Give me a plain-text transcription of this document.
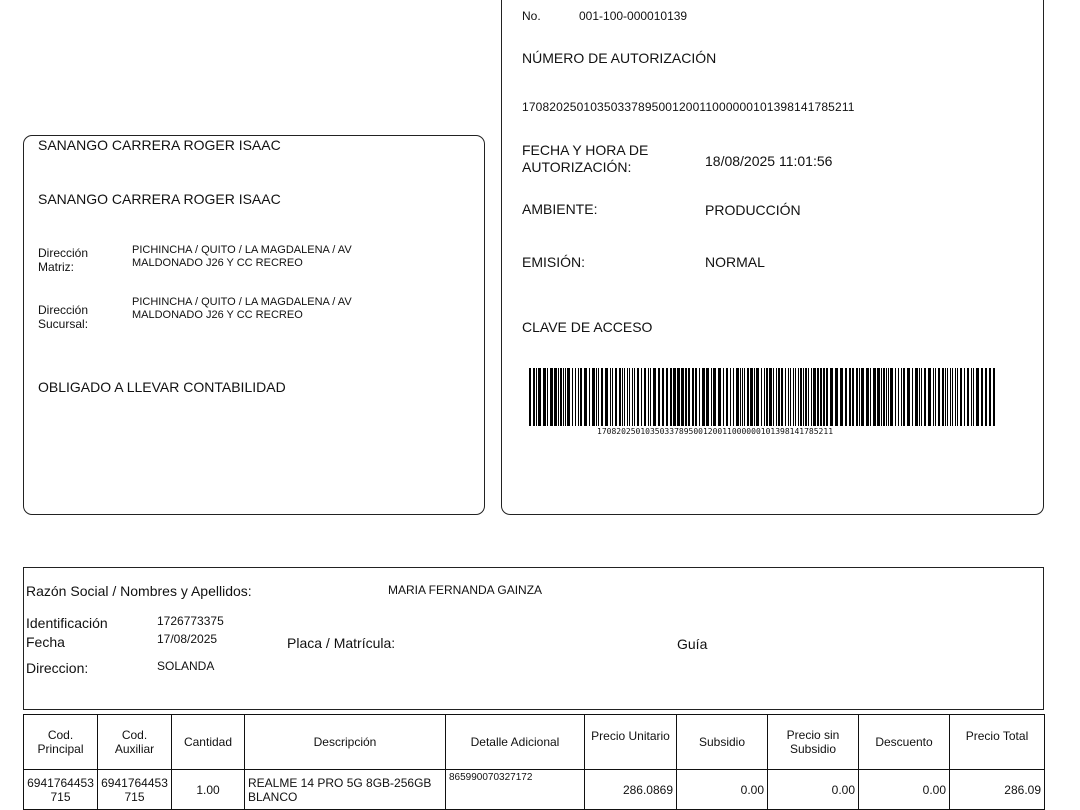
SANANGO CARRERA ROGER ISAAC
SANANGO CARRERA ROGER ISAAC
Dirección Matriz:
PICHINCHA / QUITO / LA MAGDALENA / AV MALDONADO J26 Y CC RECREO
Dirección Sucursal:
PICHINCHA / QUITO / LA MAGDALENA / AV MALDONADO J26 Y CC RECREO
OBLIGADO A LLEVAR CONTABILIDAD
No.	001-100-000010139
NÚMERO DE AUTORIZACIÓN
1708202501035033789500120011000000101398141785211
FECHA Y HORA DE AUTORIZACIÓN:	18/08/2025 11:01:56
AMBIENTE:	PRODUCCIÓN
EMISIÓN:	NORMAL
CLAVE DE ACCESO
1708202501035033789500120011000000101398141785211
Razón Social / Nombres y Apellidos:	MARIA FERNANDA GAINZA
Identificación	1726773375
Fecha	17/08/2025	Placa / Matrícula:	Guía
Direccion:	SOLANDA
Cod. Principal	Cod. Auxiliar	Cantidad	Descripción	Detalle Adicional	Precio Unitario	Subsidio	Precio sin Subsidio	Descuento	Precio Total
6941764453715	6941764453715	1.00	REALME 14 PRO 5G 8GB-256GB BLANCO	865990070327172	286.0869	0.00	0.00	0.00	286.09
